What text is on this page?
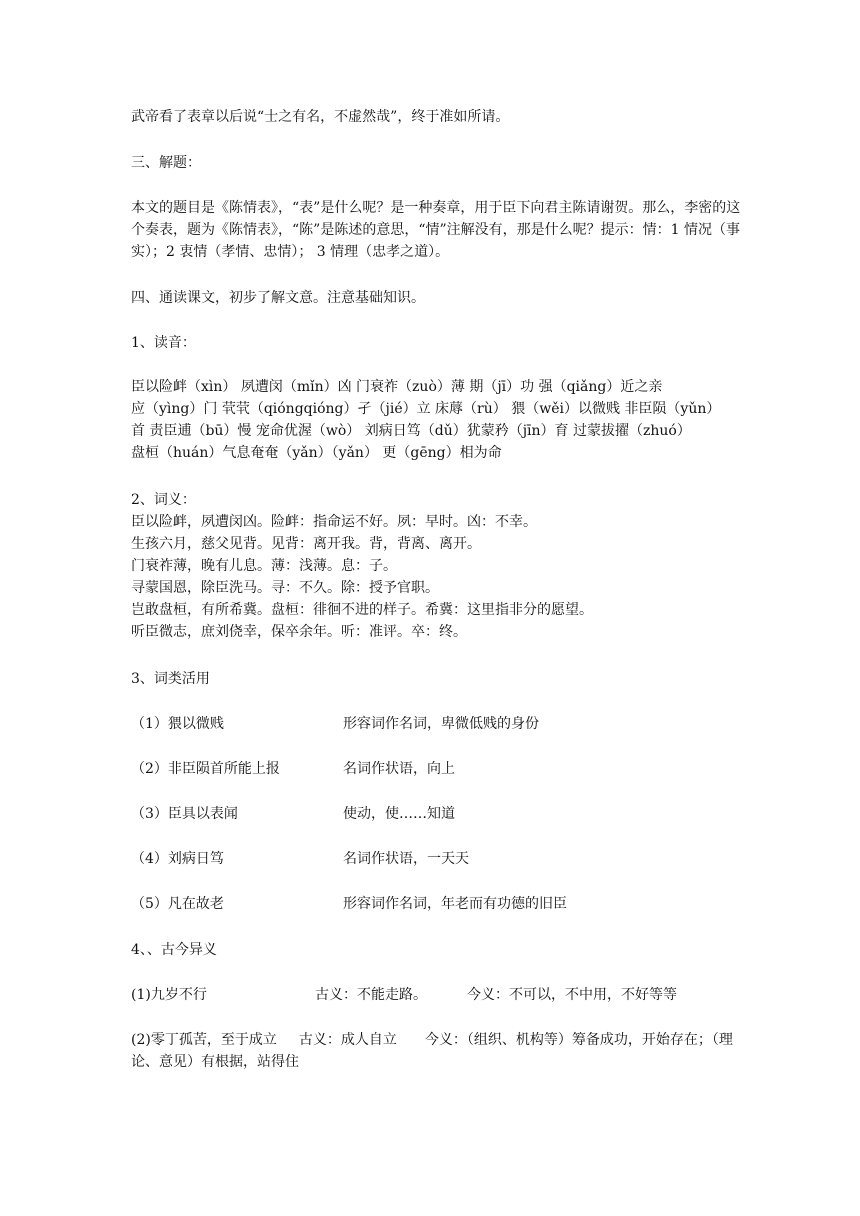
武帝看了表章以后说“士之有名，不虚然哉”，终于准如所请。
三、解题：
本文的题目是《陈情表》，“表”是什么呢？是一种奏章，用于臣下向君主陈请谢贺。那么，李密的这个奏表，题为《陈情表》，“陈”是陈述的意思，“情”注解没有，那是什么呢？提示：情：1 情况（事实）；2 衷情（孝情、忠情）； 3 情理（忠孝之道）。
四、通读课文，初步了解文意。注意基础知识。
1、读音：
臣以险衅（xìn） 夙遭闵（mǐn）凶 门衰祚（zuò）薄 期（jī）功 强（qiǎng）近之亲
应（yìng）门 茕茕（qióngqióng）孑（jié）立 床蓐（rù） 猥（wěi）以微贱 非臣陨（yǔn）
首 责臣逋（bū）慢 宠命优渥（wò） 刘病日笃（dǔ）犹蒙矜（jīn）育 过蒙拔擢（zhuó）
盘桓（huán）气息奄奄（yǎn）（yǎn） 更（gēng）相为命
2、词义：
臣以险衅，夙遭闵凶。险衅：指命运不好。夙：早时。凶：不幸。
生孩六月，慈父见背。见背：离开我。背，背离、离开。
门衰祚薄，晚有儿息。薄：浅薄。息：子。
寻蒙国恩，除臣洗马。寻：不久。除：授予官职。
岂敢盘桓，有所希冀。盘桓：徘徊不进的样子。希冀：这里指非分的愿望。
听臣微志，庶刘侥幸，保卒余年。听：准评。卒：终。
3、词类活用
（1）猥以微贱	形容词作名词，卑微低贱的身份
（2）非臣陨首所能上报	名词作状语，向上
（3）臣具以表闻	使动，使……知道
（4）刘病日笃	名词作状语，一天天
（5）凡在故老	形容词作名词，年老而有功德的旧臣
4、、古今异义
(1)九岁不行	古义：不能走路。	今义：不可以，不中用，不好等等
(2)零丁孤苦，至于成立 古义：成人自立 今义：（组织、机构等）筹备成功，开始存在；（理论、意见）有根据，站得住
